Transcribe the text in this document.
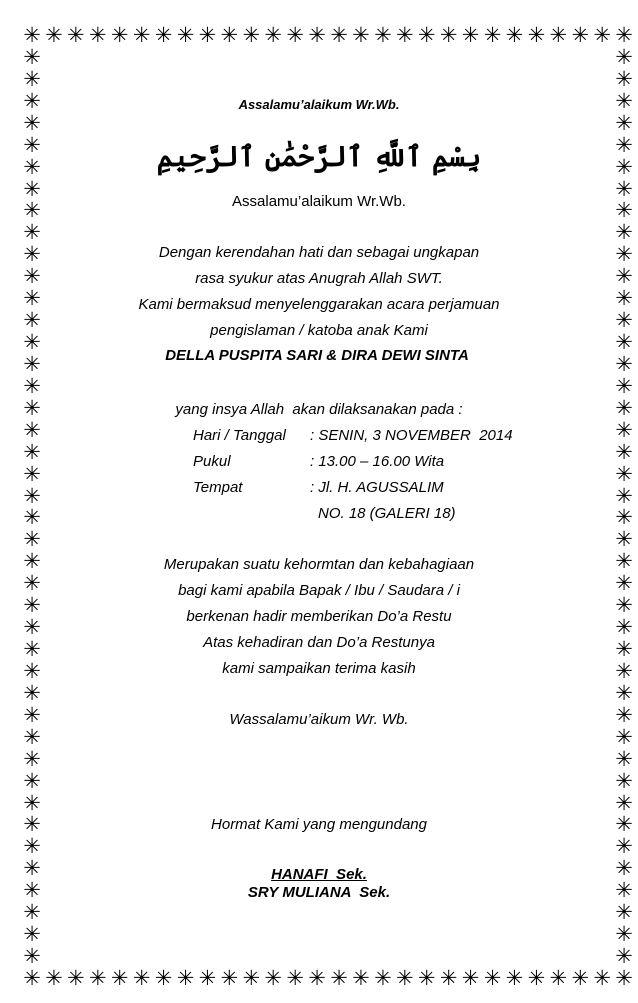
✳
✳
✳
✳
✳
✳
✳
✳
✳
✳
✳
✳
✳
✳
✳
✳
✳
✳
✳
✳
✳
✳
✳
✳
✳
✳
✳
✳
✳
✳
✳
✳
✳
✳
✳
✳
✳
✳
✳
✳
✳
✳
✳
✳
✳
✳
✳
✳
✳
✳
✳
✳
✳
✳
✳
✳
✳	✳
✳	✳
✳	✳
✳	✳
✳	✳
✳	✳
✳	✳
✳	✳
✳	✳
✳	✳
✳	✳
✳	✳
✳	✳
✳	✳
✳	✳
✳	✳
✳	✳
✳	✳
✳	✳
✳	✳
✳	✳
✳	✳
✳	✳
✳	✳
✳	✳
✳	✳
✳	✳
✳	✳
✳	✳
✳	✳
✳	✳
✳	✳
✳	✳
✳	✳
✳	✳
✳	✳
✳	✳
✳	✳
✳	✳
✳	✳
✳	✳
✳	✳
Assalamu’alaikum Wr.Wb.
بِسْمِ ٱللَّهِ ٱلرَّحْمَٰنِ ٱلرَّحِيمِ
Assalamu’alaikum Wr.Wb.
Dengan kerendahan hati dan sebagai ungkapan
rasa syukur atas Anugrah Allah SWT.
Kami bermaksud menyelenggarakan acara perjamuan
pengislaman / katoba anak Kami
DELLA PUSPITA SARI & DIRA DEWI SINTA
yang insya Allah  akan dilaksanakan pada :
Hari / Tanggal : SENIN, 3 NOVEMBER  2014
Pukul	: 13.00 – 16.00 Wita
Tempat	: Jl. H. AGUSSALIM
NO. 18 (GALERI 18)
Merupakan suatu kehormtan dan kebahagiaan
bagi kami apabila Bapak / Ibu / Saudara / i
berkenan hadir memberikan Do’a Restu
Atas kehadiran dan Do’a Restunya
kami sampaikan terima kasih
Wassalamu’aikum Wr. Wb.
Hormat Kami yang mengundang
HANAFI  Sek.
SRY MULIANA  Sek.
